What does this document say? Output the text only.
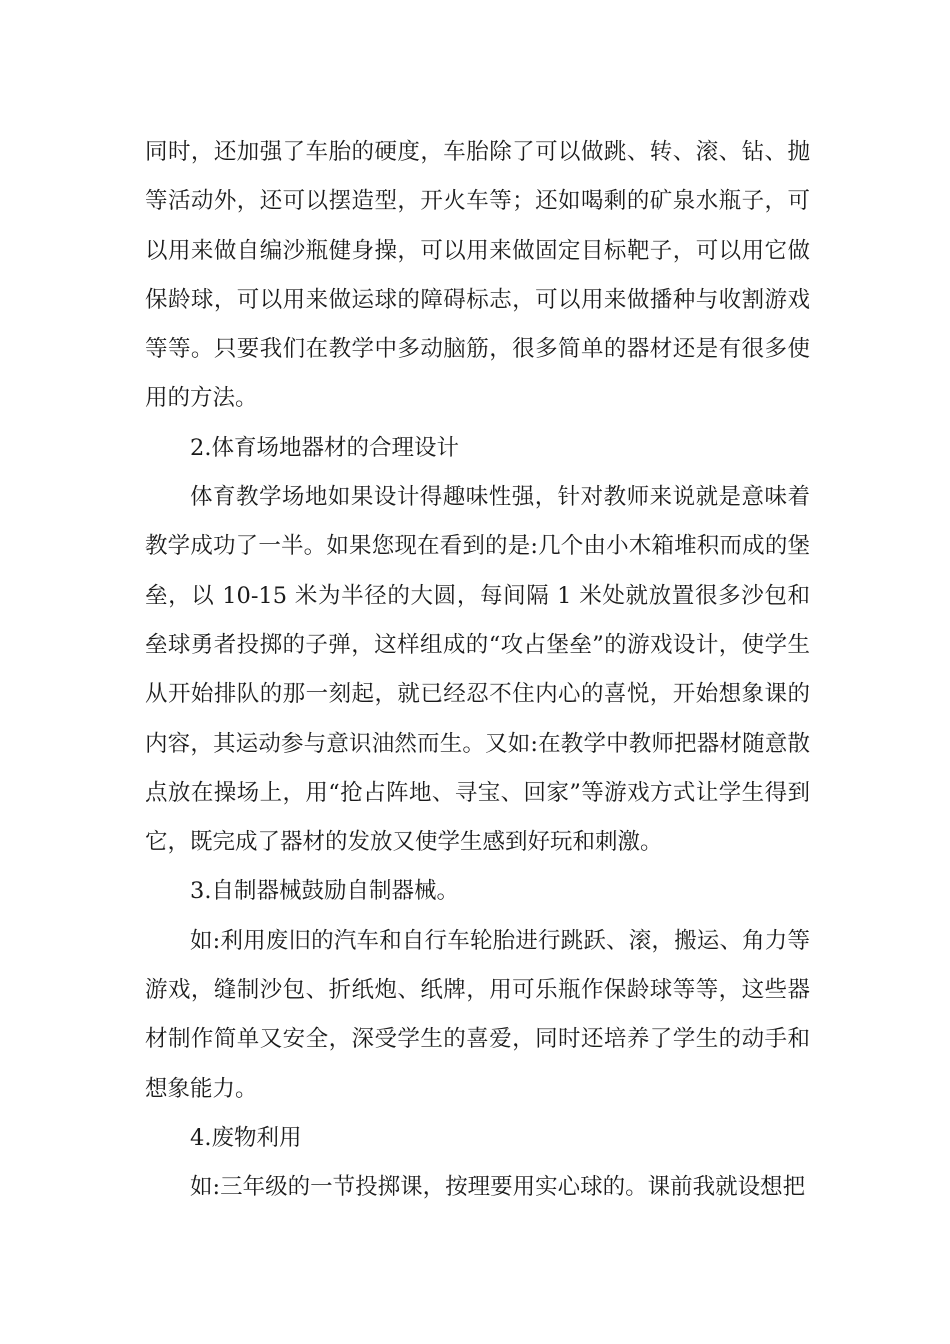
同时，还加强了车胎的硬度，车胎除了可以做跳、转、滚、钻、抛等活动外，还可以摆造型，开火车等；还如喝剩的矿泉水瓶子，可以用来做自编沙瓶健身操，可以用来做固定目标靶子，可以用它做保龄球，可以用来做运球的障碍标志，可以用来做播种与收割游戏等等。只要我们在教学中多动脑筋，很多简单的器材还是有很多使用的方法。

2.体育场地器材的合理设计

体育教学场地如果设计得趣味性强，针对教师来说就是意味着教学成功了一半。如果您现在看到的是:几个由小木箱堆积而成的堡垒，以 10-15 米为半径的大圆，每间隔 1 米处就放置很多沙包和垒球勇者投掷的子弹，这样组成的“攻占堡垒”的游戏设计，使学生从开始排队的那一刻起，就已经忍不住内心的喜悦，开始想象课的内容，其运动参与意识油然而生。又如:在教学中教师把器材随意散点放在操场上，用“抢占阵地、寻宝、回家”等游戏方式让学生得到它，既完成了器材的发放又使学生感到好玩和刺激。

3.自制器械鼓励自制器械。

如:利用废旧的汽车和自行车轮胎进行跳跃、滚，搬运、角力等游戏，缝制沙包、折纸炮、纸牌，用可乐瓶作保龄球等等，这些器材制作简单又安全，深受学生的喜爱，同时还培养了学生的动手和想象能力。

4.废物利用

如:三年级的一节投掷课，按理要用实心球的。课前我就设想把
